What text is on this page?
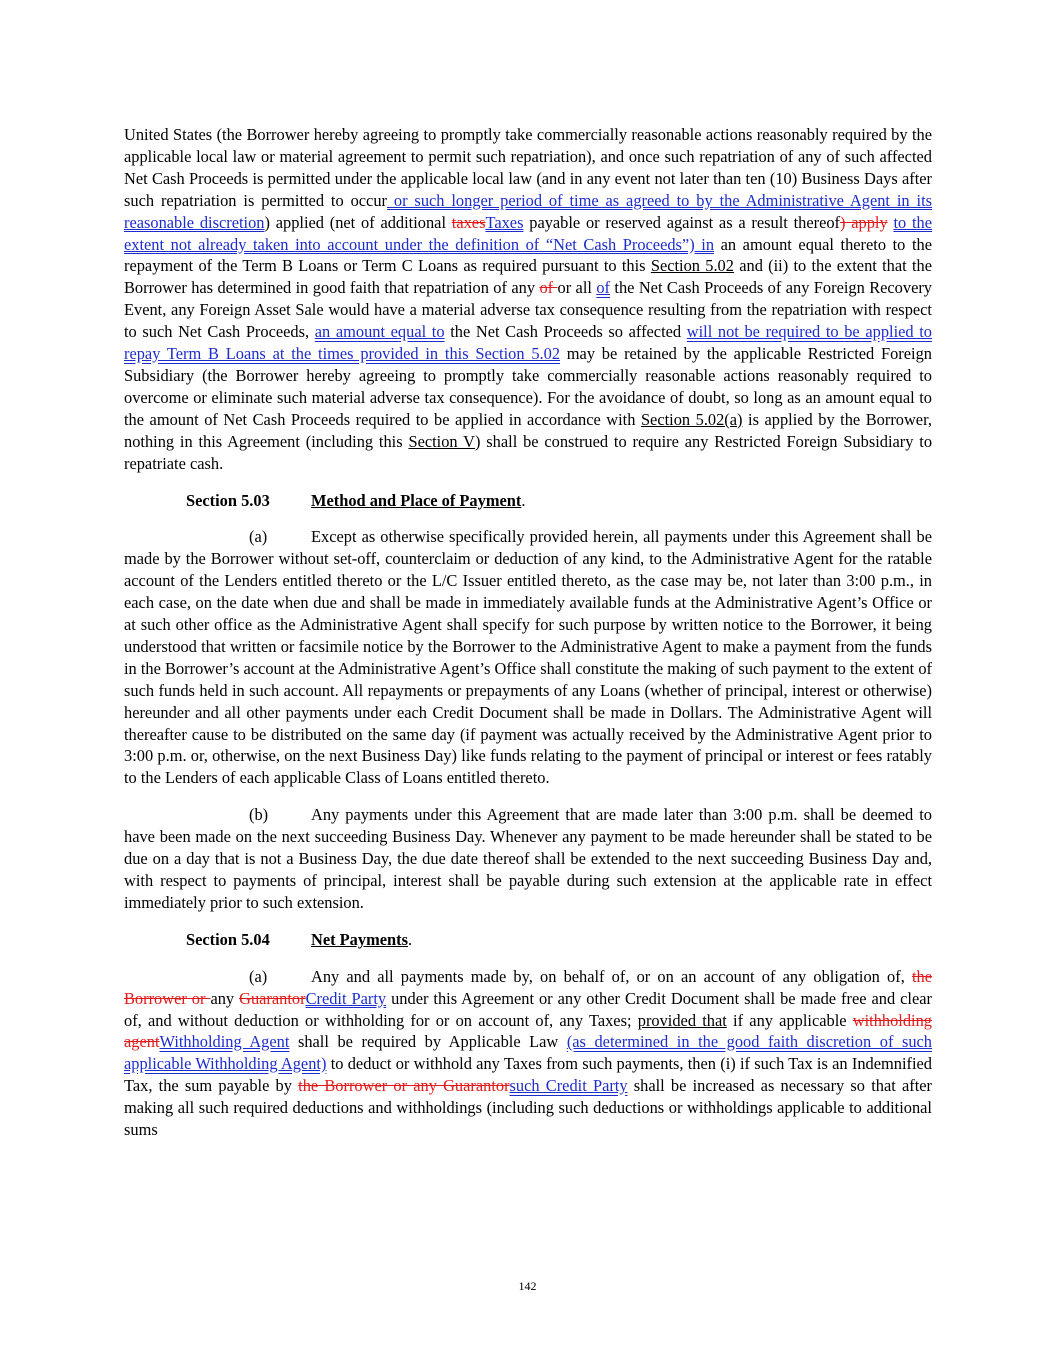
United States (the Borrower hereby agreeing to promptly take commercially reasonable actions reasonably required by the applicable local law or material agreement to permit such repatriation), and once such repatriation of any of such affected Net Cash Proceeds is permitted under the applicable local law (and in any event not later than ten (10) Business Days after such repatriation is permitted to occur or such longer period of time as agreed to by the Administrative Agent in its reasonable discretion) applied (net of additional taxesTaxes payable or reserved against as a result thereof) apply to the extent not already taken into account under the definition of “Net Cash Proceeds”) in an amount equal thereto to the repayment of the Term B Loans or Term C Loans as required pursuant to this Section 5.02 and (ii) to the extent that the Borrower has determined in good faith that repatriation of any of or all of the Net Cash Proceeds of any Foreign Recovery Event, any Foreign Asset Sale would have a material adverse tax consequence resulting from the repatriation with respect to such Net Cash Proceeds, an amount equal to the Net Cash Proceeds so affected will not be required to be applied to repay Term B Loans at the times provided in this Section 5.02 may be retained by the applicable Restricted Foreign Subsidiary (the Borrower hereby agreeing to promptly take commercially reasonable actions reasonably required to overcome or eliminate such material adverse tax consequence). For the avoidance of doubt, so long as an amount equal to the amount of Net Cash Proceeds required to be applied in accordance with Section 5.02(a) is applied by the Borrower, nothing in this Agreement (including this Section V) shall be construed to require any Restricted Foreign Subsidiary to repatriate cash.

Section 5.03	Method and Place of Payment.

(a)	Except as otherwise specifically provided herein, all payments under this Agreement shall be made by the Borrower without set-off, counterclaim or deduction of any kind, to the Administrative Agent for the ratable account of the Lenders entitled thereto or the L/C Issuer entitled thereto, as the case may be, not later than 3:00 p.m., in each case, on the date when due and shall be made in immediately available funds at the Administrative Agent’s Office or at such other office as the Administrative Agent shall specify for such purpose by written notice to the Borrower, it being understood that written or facsimile notice by the Borrower to the Administrative Agent to make a payment from the funds in the Borrower’s account at the Administrative Agent’s Office shall constitute the making of such payment to the extent of such funds held in such account. All repayments or prepayments of any Loans (whether of principal, interest or otherwise) hereunder and all other payments under each Credit Document shall be made in Dollars. The Administrative Agent will thereafter cause to be distributed on the same day (if payment was actually received by the Administrative Agent prior to 3:00 p.m. or, otherwise, on the next Business Day) like funds relating to the payment of principal or interest or fees ratably to the Lenders of each applicable Class of Loans entitled thereto.

(b)	Any payments under this Agreement that are made later than 3:00 p.m. shall be deemed to have been made on the next succeeding Business Day. Whenever any payment to be made hereunder shall be stated to be due on a day that is not a Business Day, the due date thereof shall be extended to the next succeeding Business Day and, with respect to payments of principal, interest shall be payable during such extension at the applicable rate in effect immediately prior to such extension.

Section 5.04	Net Payments.

(a)	Any and all payments made by, on behalf of, or on an account of any obligation of, the Borrower or any GuarantorCredit Party under this Agreement or any other Credit Document shall be made free and clear of, and without deduction or withholding for or on account of, any Taxes; provided that if any applicable withholding agentWithholding Agent shall be required by Applicable Law (as determined in the good faith discretion of such applicable Withholding Agent) to deduct or withhold any Taxes from such payments, then (i) if such Tax is an Indemnified Tax, the sum payable by the Borrower or any Guarantorsuch Credit Party shall be increased as necessary so that after making all such required deductions and withholdings (including such deductions or withholdings applicable to additional sums

142
